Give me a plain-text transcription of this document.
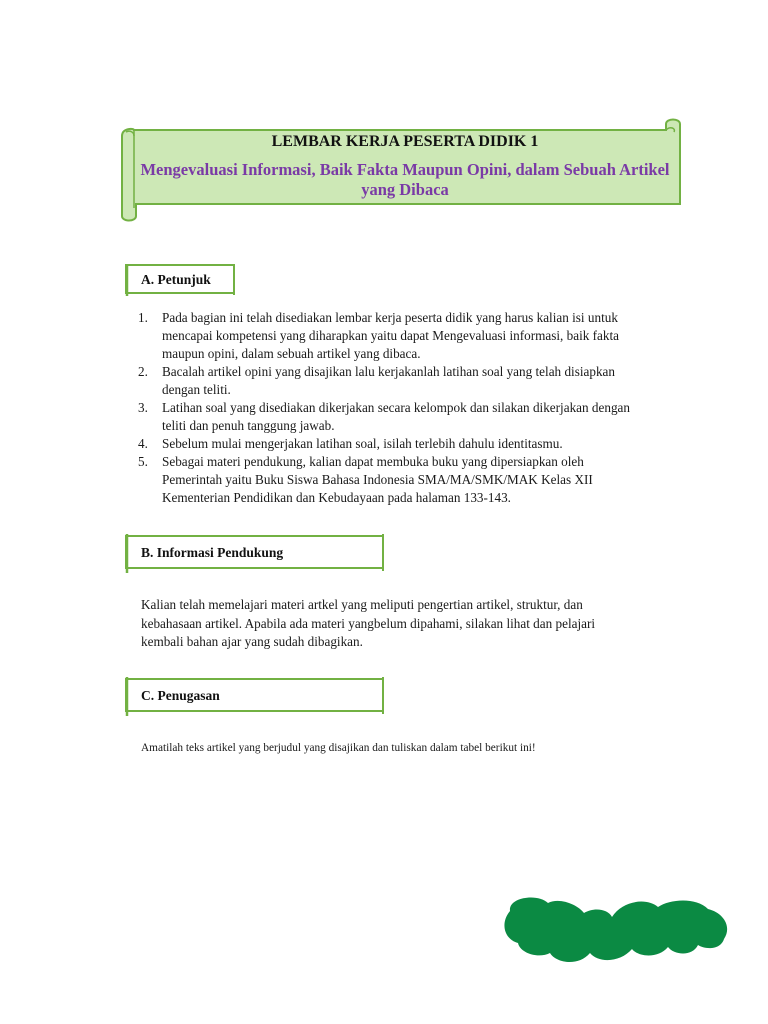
LEMBAR KERJA PESERTA DIDIK 1
Mengevaluasi Informasi, Baik Fakta Maupun Opini, dalam Sebuah Artikel
yang Dibaca
A. Petunjuk
1. Pada bagian ini telah disediakan lembar kerja peserta didik yang harus kalian isi untuk
mencapai kompetensi yang diharapkan yaitu dapat Mengevaluasi informasi, baik fakta
maupun opini, dalam sebuah artikel yang dibaca.
2. Bacalah artikel opini yang disajikan lalu kerjakanlah latihan soal yang telah disiapkan
dengan teliti.
3. Latihan soal yang disediakan dikerjakan secara kelompok dan silakan dikerjakan dengan
teliti dan penuh tanggung jawab.
4. Sebelum mulai mengerjakan latihan soal, isilah terlebih dahulu identitasmu.
5. Sebagai materi pendukung, kalian dapat membuka buku yang dipersiapkan oleh
Pemerintah yaitu Buku Siswa Bahasa Indonesia SMA/MA/SMK/MAK Kelas XII
Kementerian Pendidikan dan Kebudayaan pada halaman 133-143.
B. Informasi Pendukung
Kalian telah memelajari materi artkel yang meliputi pengertian artikel, struktur, dan
kebahasaan artikel. Apabila ada materi yangbelum dipahami, silakan lihat dan pelajari
kembali bahan ajar yang sudah dibagikan.
C. Penugasan
Amatilah teks artikel yang berjudul yang disajikan dan tuliskan dalam tabel berikut ini!
